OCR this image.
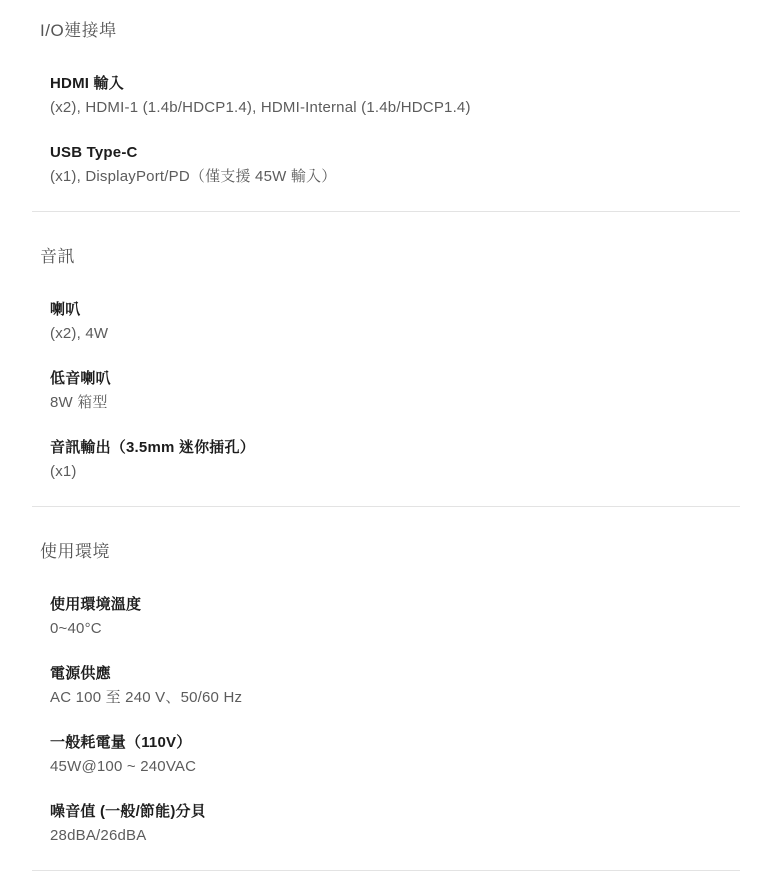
I/O連接埠
HDMI 輸入
(x2), HDMI-1 (1.4b/HDCP1.4), HDMI-Internal (1.4b/HDCP1.4)
USB Type-C
(x1), DisplayPort/PD（僅支援 45W 輸入）
音訊
喇叭
(x2), 4W
低音喇叭
8W 箱型
音訊輸出（3.5mm 迷你插孔）
(x1)
使用環境
使用環境溫度
0~40°C
電源供應
AC 100 至 240 V、50/60 Hz
一般耗電量（110V）
45W@100 ~ 240VAC
噪音值 (一般/節能)分貝
28dBA/26dBA
